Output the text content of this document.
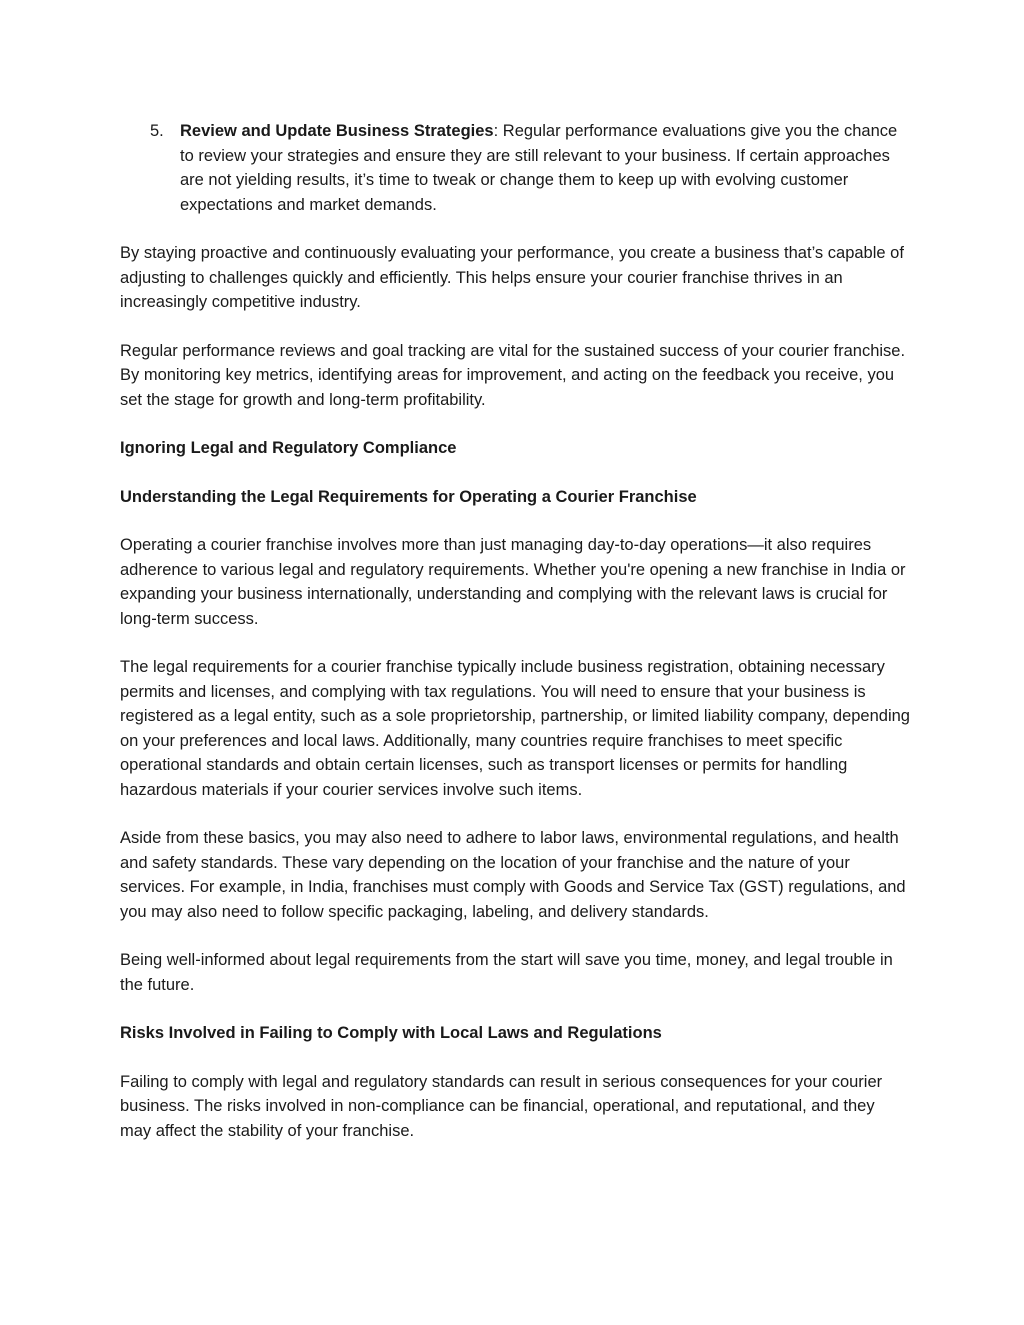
5. Review and Update Business Strategies: Regular performance evaluations give you the chance to review your strategies and ensure they are still relevant to your business. If certain approaches are not yielding results, it’s time to tweak or change them to keep up with evolving customer expectations and market demands.

By staying proactive and continuously evaluating your performance, you create a business that’s capable of adjusting to challenges quickly and efficiently. This helps ensure your courier franchise thrives in an increasingly competitive industry.

Regular performance reviews and goal tracking are vital for the sustained success of your courier franchise. By monitoring key metrics, identifying areas for improvement, and acting on the feedback you receive, you set the stage for growth and long-term profitability.

Ignoring Legal and Regulatory Compliance
Understanding the Legal Requirements for Operating a Courier Franchise

Operating a courier franchise involves more than just managing day-to-day operations—it also requires adherence to various legal and regulatory requirements. Whether you're opening a new franchise in India or expanding your business internationally, understanding and complying with the relevant laws is crucial for long-term success.

The legal requirements for a courier franchise typically include business registration, obtaining necessary permits and licenses, and complying with tax regulations. You will need to ensure that your business is registered as a legal entity, such as a sole proprietorship, partnership, or limited liability company, depending on your preferences and local laws. Additionally, many countries require franchises to meet specific operational standards and obtain certain licenses, such as transport licenses or permits for handling hazardous materials if your courier services involve such items.

Aside from these basics, you may also need to adhere to labor laws, environmental regulations, and health and safety standards. These vary depending on the location of your franchise and the nature of your services. For example, in India, franchises must comply with Goods and Service Tax (GST) regulations, and you may also need to follow specific packaging, labeling, and delivery standards.

Being well-informed about legal requirements from the start will save you time, money, and legal trouble in the future.

Risks Involved in Failing to Comply with Local Laws and Regulations

Failing to comply with legal and regulatory standards can result in serious consequences for your courier business. The risks involved in non-compliance can be financial, operational, and reputational, and they may affect the stability of your franchise.
